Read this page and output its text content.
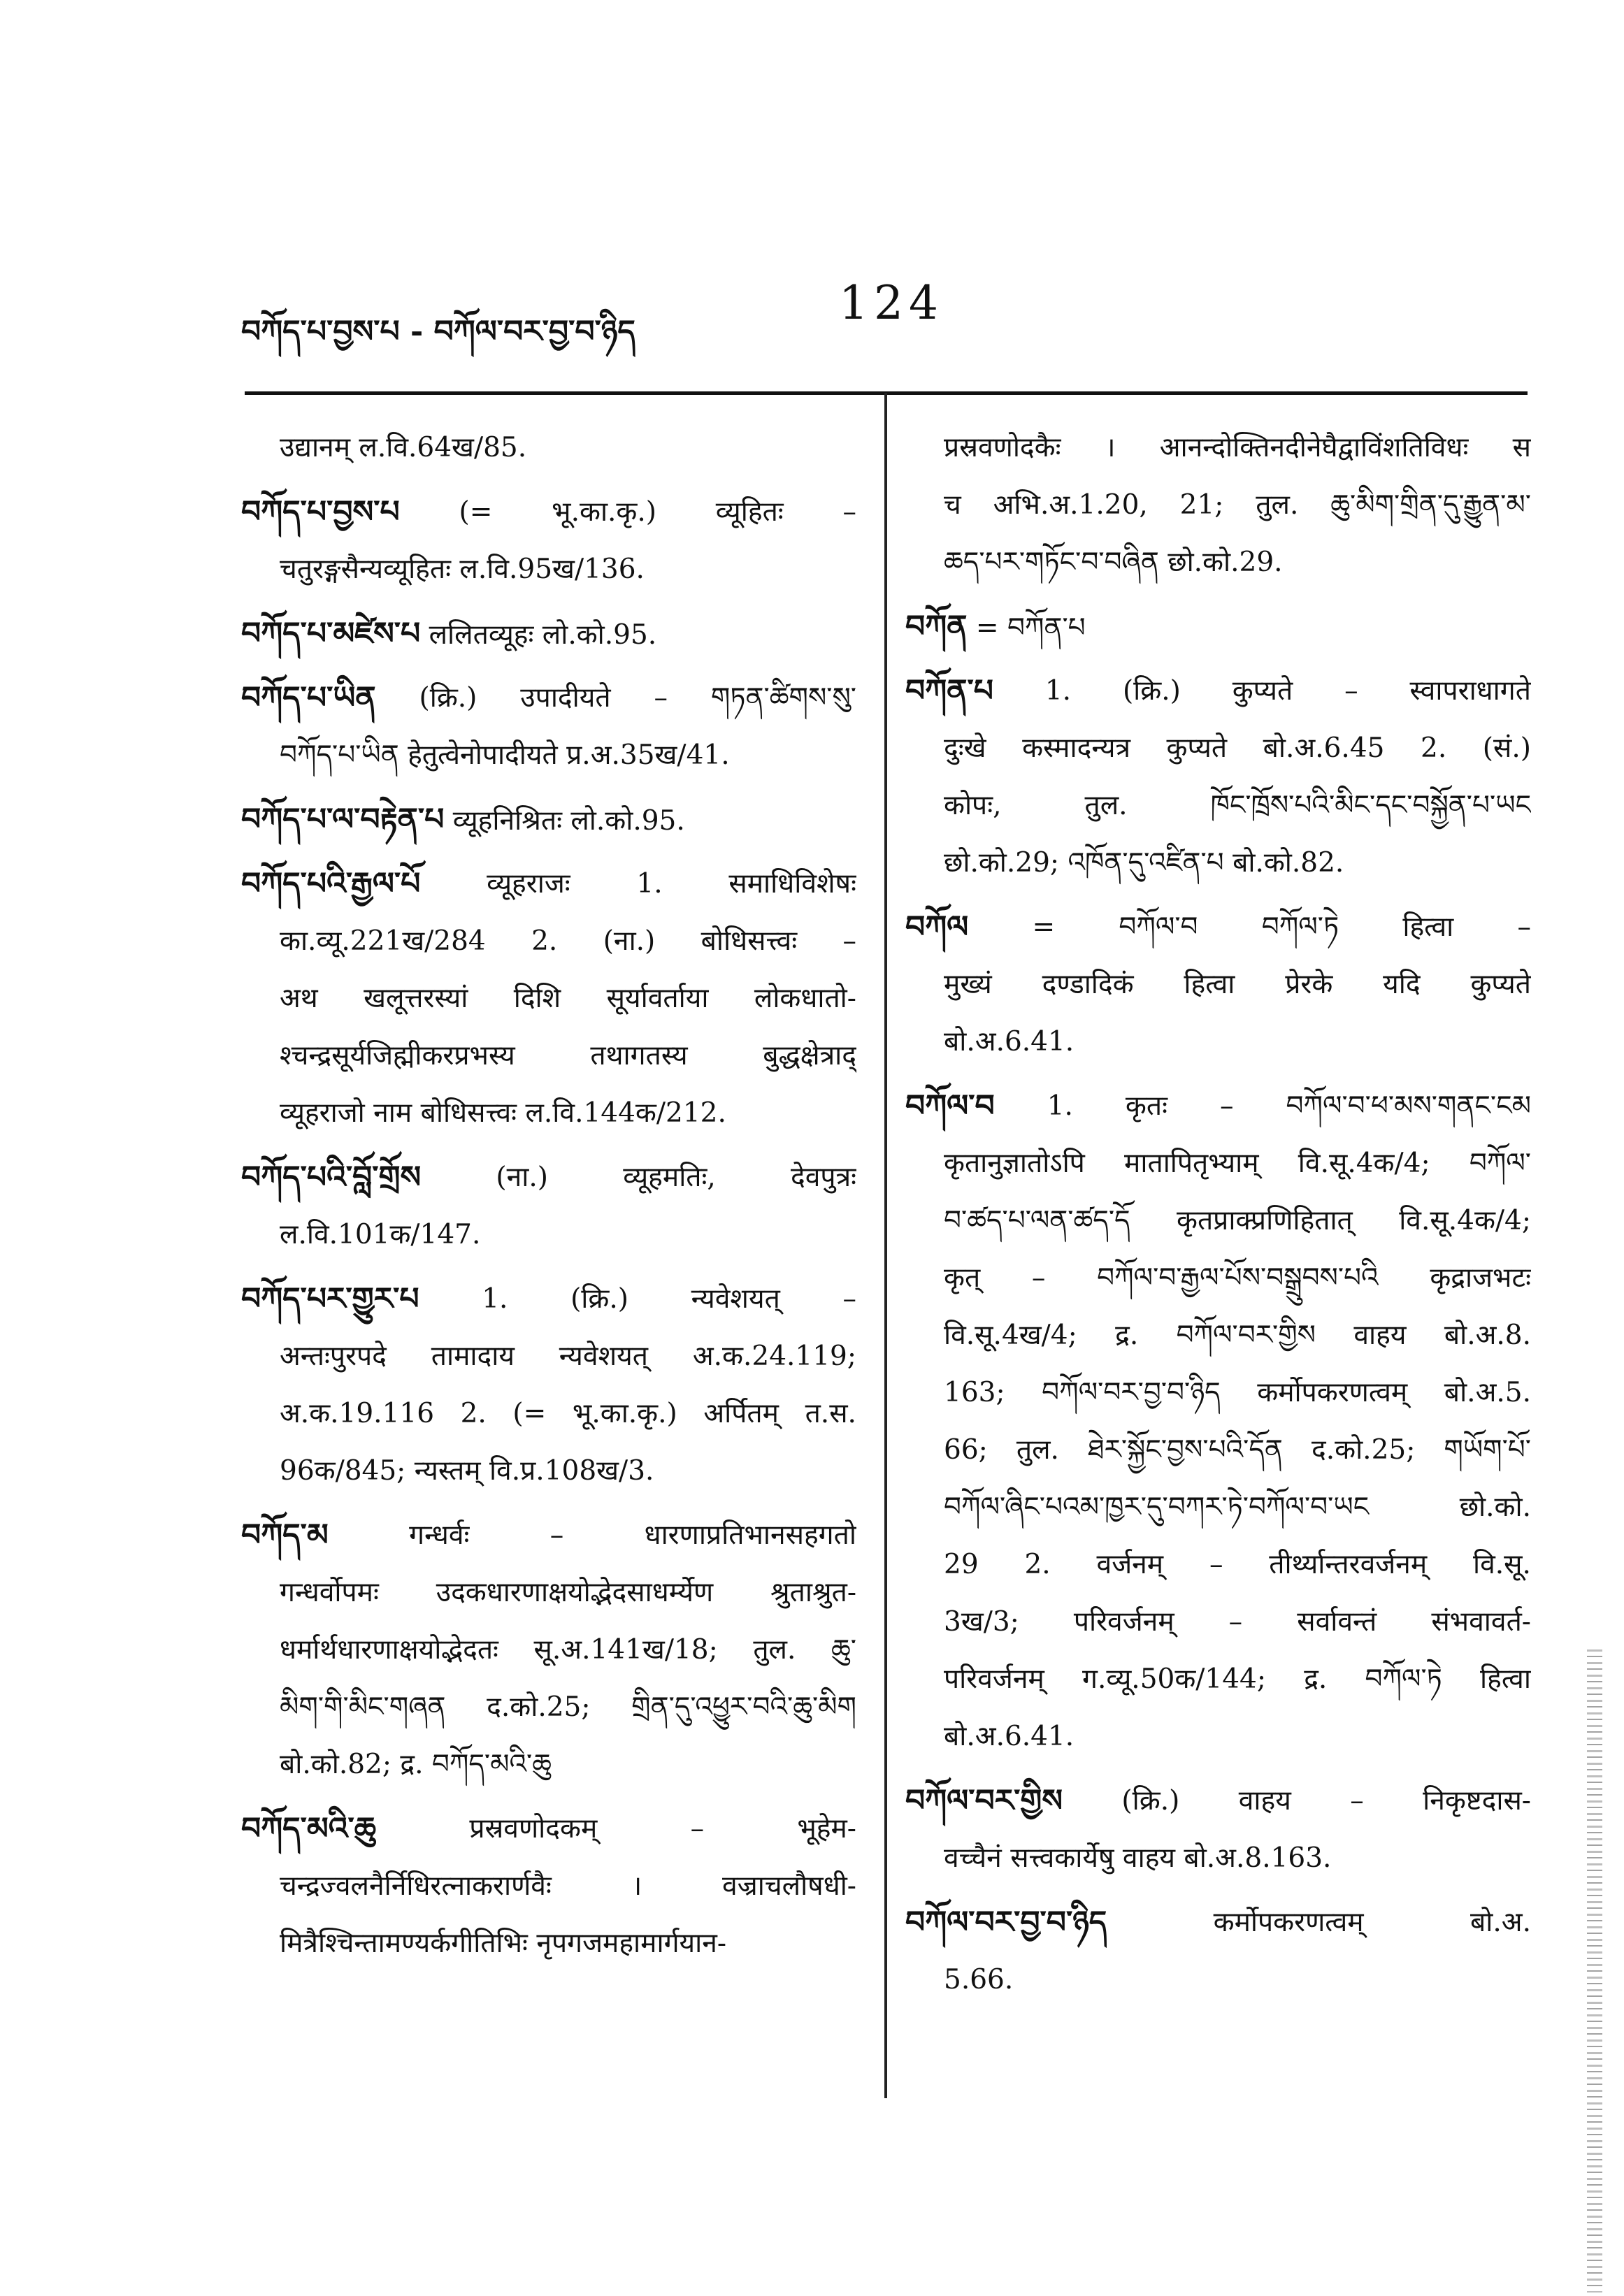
བཀོད་པ་བྱས་པ - བཀོལ་བར་བྱ་བ་ཉིད
124
उद्यानम् ल.वि.64ख/85.
བཀོད་པ་བྱས་པ (= भू.का.कृ.) व्यूहितः –
चतुरङ्गसैन्यव्यूहितः ल.वि.95ख/136.
བཀོད་པ་མཛེས་པ ललितव्यूहः लो.को.95.
བཀོད་པ་ཡིན (क्रि.) उपादीयते – གཏན་ཚིགས་སུ་
བཀོད་པ་ཡིན हेतुत्वेनोपादीयते प्र.अ.35ख/41.
བཀོད་པ་ལ་བརྟེན་པ व्यूहनिश्रितः लो.को.95.
བཀོད་པའི་རྒྱལ་པོ व्यूहराजः 1. समाधिविशेषः
का.व्यू.221ख/284 2. (ना.) बोधिसत्त्वः –
अथ खलूत्तरस्यां दिशि सूर्यावर्ताया लोकधातो-
श्चन्द्रसूर्यजिह्मीकरप्रभस्य	तथागतस्य	बुद्धक्षेत्राद्
व्यूहराजो नाम बोधिसत्त्वः ल.वि.144क/212.
བཀོད་པའི་བློ་གྲོས	(ना.)	व्यूहमतिः,	देवपुत्रः
ल.वि.101क/147.
བཀོད་པར་གྱུར་པ 1. (क्रि.) न्यवेशयत् –
अन्तःपुरपदे तामादाय न्यवेशयत् अ.क.24.119;
अ.क.19.116 2. (= भू.का.कृ.) अर्पितम् त.स.
96क/845; न्यस्तम् वि.प्र.108ख/3.
བཀོད་མ	गन्धर्वः	–	धारणाप्रतिभानसहगतो
गन्धर्वोपमः उदकधारणाक्षयोद्भेदसाधर्म्येण श्रुताश्रुत-
धर्मार्थधारणाक्षयोद्भेदतः सू.अ.141ख/18; तुल. ཆུ་
མིག་གི་མིང་གཞན द.को.25; གྲིན་དུ་འཕྱུར་བའི་ཆུ་མིག
बो.को.82; द्र. བཀོད་མའི་ཆུ
བཀོད་མའི་ཆུ	प्रस्रवणोदकम्	–	भूहेम-
चन्द्रज्वलनैर्निधिरत्नाकरार्णवैः	।	वज्राचलौषधी-
मित्रैश्चिन्तामण्यर्कगीतिभिः नृपगजमहामार्गयान-
प्रस्रवणोदकैः । आनन्दोक्तिनदीनेघैद्वाविंशतिविधः स
च अभि.अ.1.20, 21; तुल. ཆུ་མིག་གྲིན་དུ་རྒྱུན་མ་
ཆད་པར་གཏོང་བ་བཞིན छो.को.29.
བཀོན = བཀོན་པ
བཀོན་པ 1. (क्रि.) कुप्यते – स्वापराधागते
दुःखे कस्मादन्यत्र कुप्यते बो.अ.6.45 2. (सं.)
कोपः,	तुल.	ཁོང་ཁྲོས་པའི་མིང་དང་བསྐྱོན་པ་ཡང
छो.को.29; འཁོན་དུ་འཛིན་པ बो.को.82.
བཀོལ = བཀོལ་བ བཀོལ་ཏེ हित्वा –
मुख्यं दण्डादिकं हित्वा प्रेरके यदि कुप्यते
बो.अ.6.41.
བཀོལ་བ 1. कृतः – བཀོལ་བ་ཕ་མས་གནང་ངམ
कृतानुज्ञातोऽपि मातापितृभ्याम् वि.सू.4क/4; བཀོལ་
བ་ཚད་པ་ལན་ཚད་དོ कृतप्राक्प्रणिहितात् वि.सू.4क/4;
कृत् – བཀོལ་བ་རྒྱལ་པོས་བསྒྲུབས་པའི कृद्राजभटः
वि.सू.4ख/4; द्र. བཀོལ་བར་གྱིས वाहय बो.अ.8.
163; བཀོལ་བར་བྱ་བ་ཉིད कर्मोपकरणत्वम् बो.अ.5.
66; तुल. ཐེར་སྐྱོང་བྱས་པའི་དོན द.को.25; གཡོག་པོ་
བཀོལ་ཞིང་པའམ་ཁྱར་དུ་བཀར་ཏེ་བཀོལ་བ་ཡང	छो.को.
29 2. वर्जनम् – तीर्थ्यान्तरवर्जनम् वि.सू.
3ख/3; परिवर्जनम् – सर्वावन्तं संभवावर्त-
परिवर्जनम् ग.व्यू.50क/144; द्र. བཀོལ་ཏེ हित्वा
बो.अ.6.41.
བཀོལ་བར་གྱིས (क्रि.) वाहय – निकृष्टदास-
वच्चैनं सत्त्वकार्येषु वाहय बो.अ.8.163.
བཀོལ་བར་བྱ་བ་ཉིད	कर्मोपकरणत्वम्	बो.अ.
5.66.
